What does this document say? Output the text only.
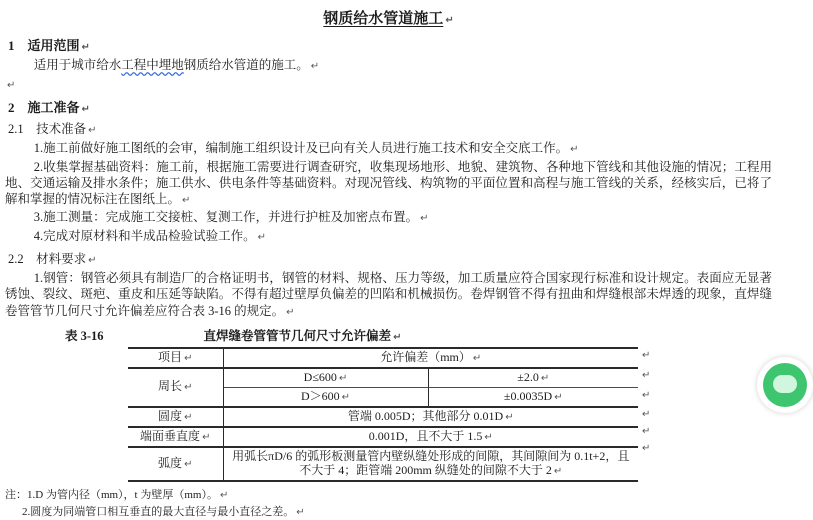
钢质给水管道施工 ↵
1　适用范围 ↵

适用于城市给水工程中埋地钢质给水管道的施工。 ↵

↵
2　施工准备 ↵
2.1　技术准备 ↵

1.施工前做好施工图纸的会审，编制施工组织设计及已向有关人员进行施工技术和安全交底工作。 ↵

2.收集掌握基础资料：施工前，根据施工需要进行调查研究，收集现场地形、地貌、建筑物、各种地下管线和其他设施的情况；工程用地、交通运输及排水条件；施工供水、供电条件等基础资料。对现况管线、构筑物的平面位置和高程与施工管线的关系，经核实后，已将了解和掌握的情况标注在图纸上。 ↵

3.施工测量：完成施工交接桩、复测工作，并进行护桩及加密点布置。 ↵

4.完成对原材料和半成品检验试验工作。 ↵

2.2　材料要求 ↵

1.钢管：钢管必须具有制造厂的合格证明书，钢管的材料、规格、压力等级，加工质量应符合国家现行标准和设计规定。表面应无显著锈蚀、裂纹、斑疤、重皮和压延等缺陷。不得有超过壁厚负偏差的凹陷和机械损伤。卷焊钢管不得有扭曲和焊缝根部未焊透的现象，直焊缝卷管管节几何尺寸允许偏差应符合表 3-16 的规定。 ↵

表 3-16	直焊缝卷管管节几何尺寸允许偏差 ↵
项目 ↵	允许偏差（mm） ↵	
周长 ↵	D≤600 ↵	±2.0 ↵
	D＞600 ↵	±0.0035D ↵
圆度 ↵	管端 0.005D；其他部分 0.01D ↵	
端面垂直度 ↵	0.001D，且不大于 1.5 ↵	
弧度 ↵	用弧长πD/6 的弧形板测量管内壁纵缝处形成的间隙，其间隙间为 0.1t+2，且不大于 4；距管端 200mm 纵缝处的间隙不大于 2 ↵	
↵
↵
↵
↵
↵
↵
注：1.D 为管内径（mm），t 为壁厚（mm）。 ↵
2.圆度为同端管口相互垂直的最大直径与最小直径之差。 ↵
